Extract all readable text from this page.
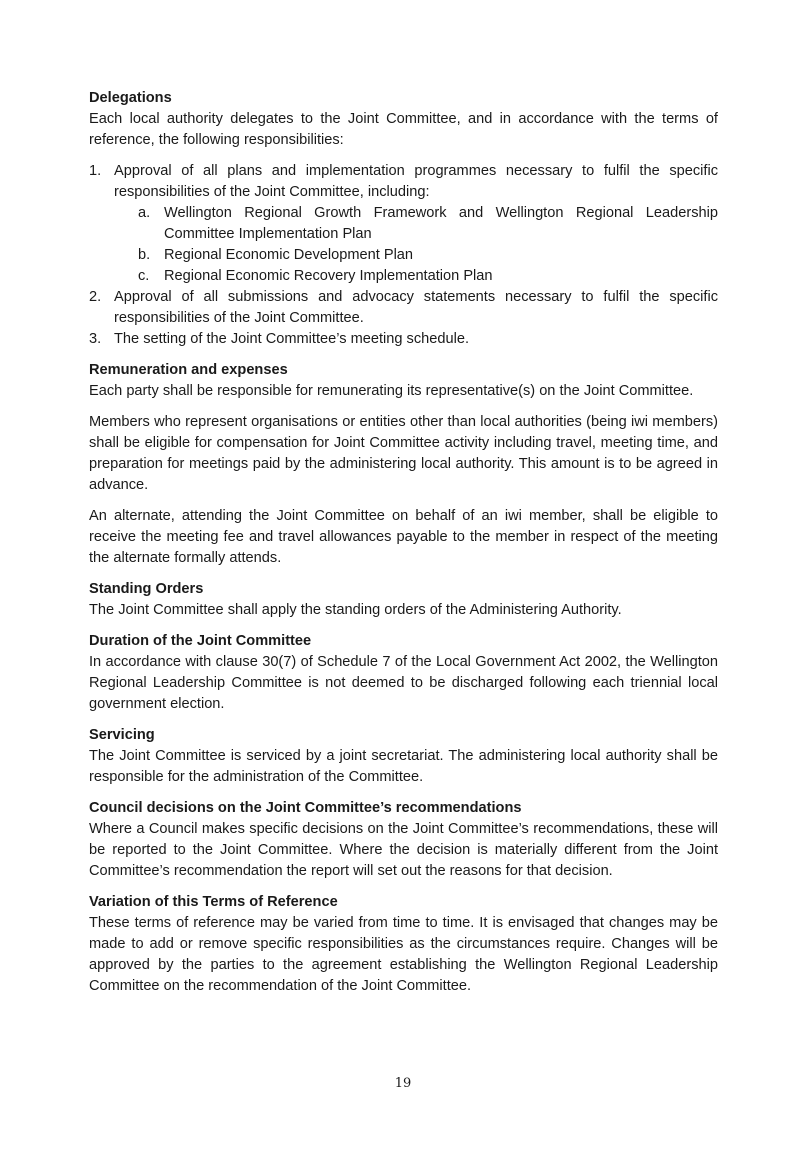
Delegations

Each local authority delegates to the Joint Committee, and in accordance with the terms of reference, the following responsibilities:

1. Approval of all plans and implementation programmes necessary to fulfil the specific responsibilities of the Joint Committee, including:
a. Wellington Regional Growth Framework and Wellington Regional Leadership Committee Implementation Plan
b. Regional Economic Development Plan
c. Regional Economic Recovery Implementation Plan
2. Approval of all submissions and advocacy statements necessary to fulfil the specific responsibilities of the Joint Committee.
3. The setting of the Joint Committee’s meeting schedule.
Remuneration and expenses

Each party shall be responsible for remunerating its representative(s) on the Joint Committee.

Members who represent organisations or entities other than local authorities (being iwi members) shall be eligible for compensation for Joint Committee activity including travel, meeting time, and preparation for meetings paid by the administering local authority. This amount is to be agreed in advance.

An alternate, attending the Joint Committee on behalf of an iwi member, shall be eligible to receive the meeting fee and travel allowances payable to the member in respect of the meeting the alternate formally attends.

Standing Orders

The Joint Committee shall apply the standing orders of the Administering Authority.

Duration of the Joint Committee

In accordance with clause 30(7) of Schedule 7 of the Local Government Act 2002, the Wellington Regional Leadership Committee is not deemed to be discharged following each triennial local government election.

Servicing

The Joint Committee is serviced by a joint secretariat. The administering local authority shall be responsible for the administration of the Committee.

Council decisions on the Joint Committee’s recommendations

Where a Council makes specific decisions on the Joint Committee’s recommendations, these will be reported to the Joint Committee. Where the decision is materially different from the Joint Committee’s recommendation the report will set out the reasons for that decision.

Variation of this Terms of Reference

These terms of reference may be varied from time to time. It is envisaged that changes may be made to add or remove specific responsibilities as the circumstances require. Changes will be approved by the parties to the agreement establishing the Wellington Regional Leadership Committee on the recommendation of the Joint Committee.

19
